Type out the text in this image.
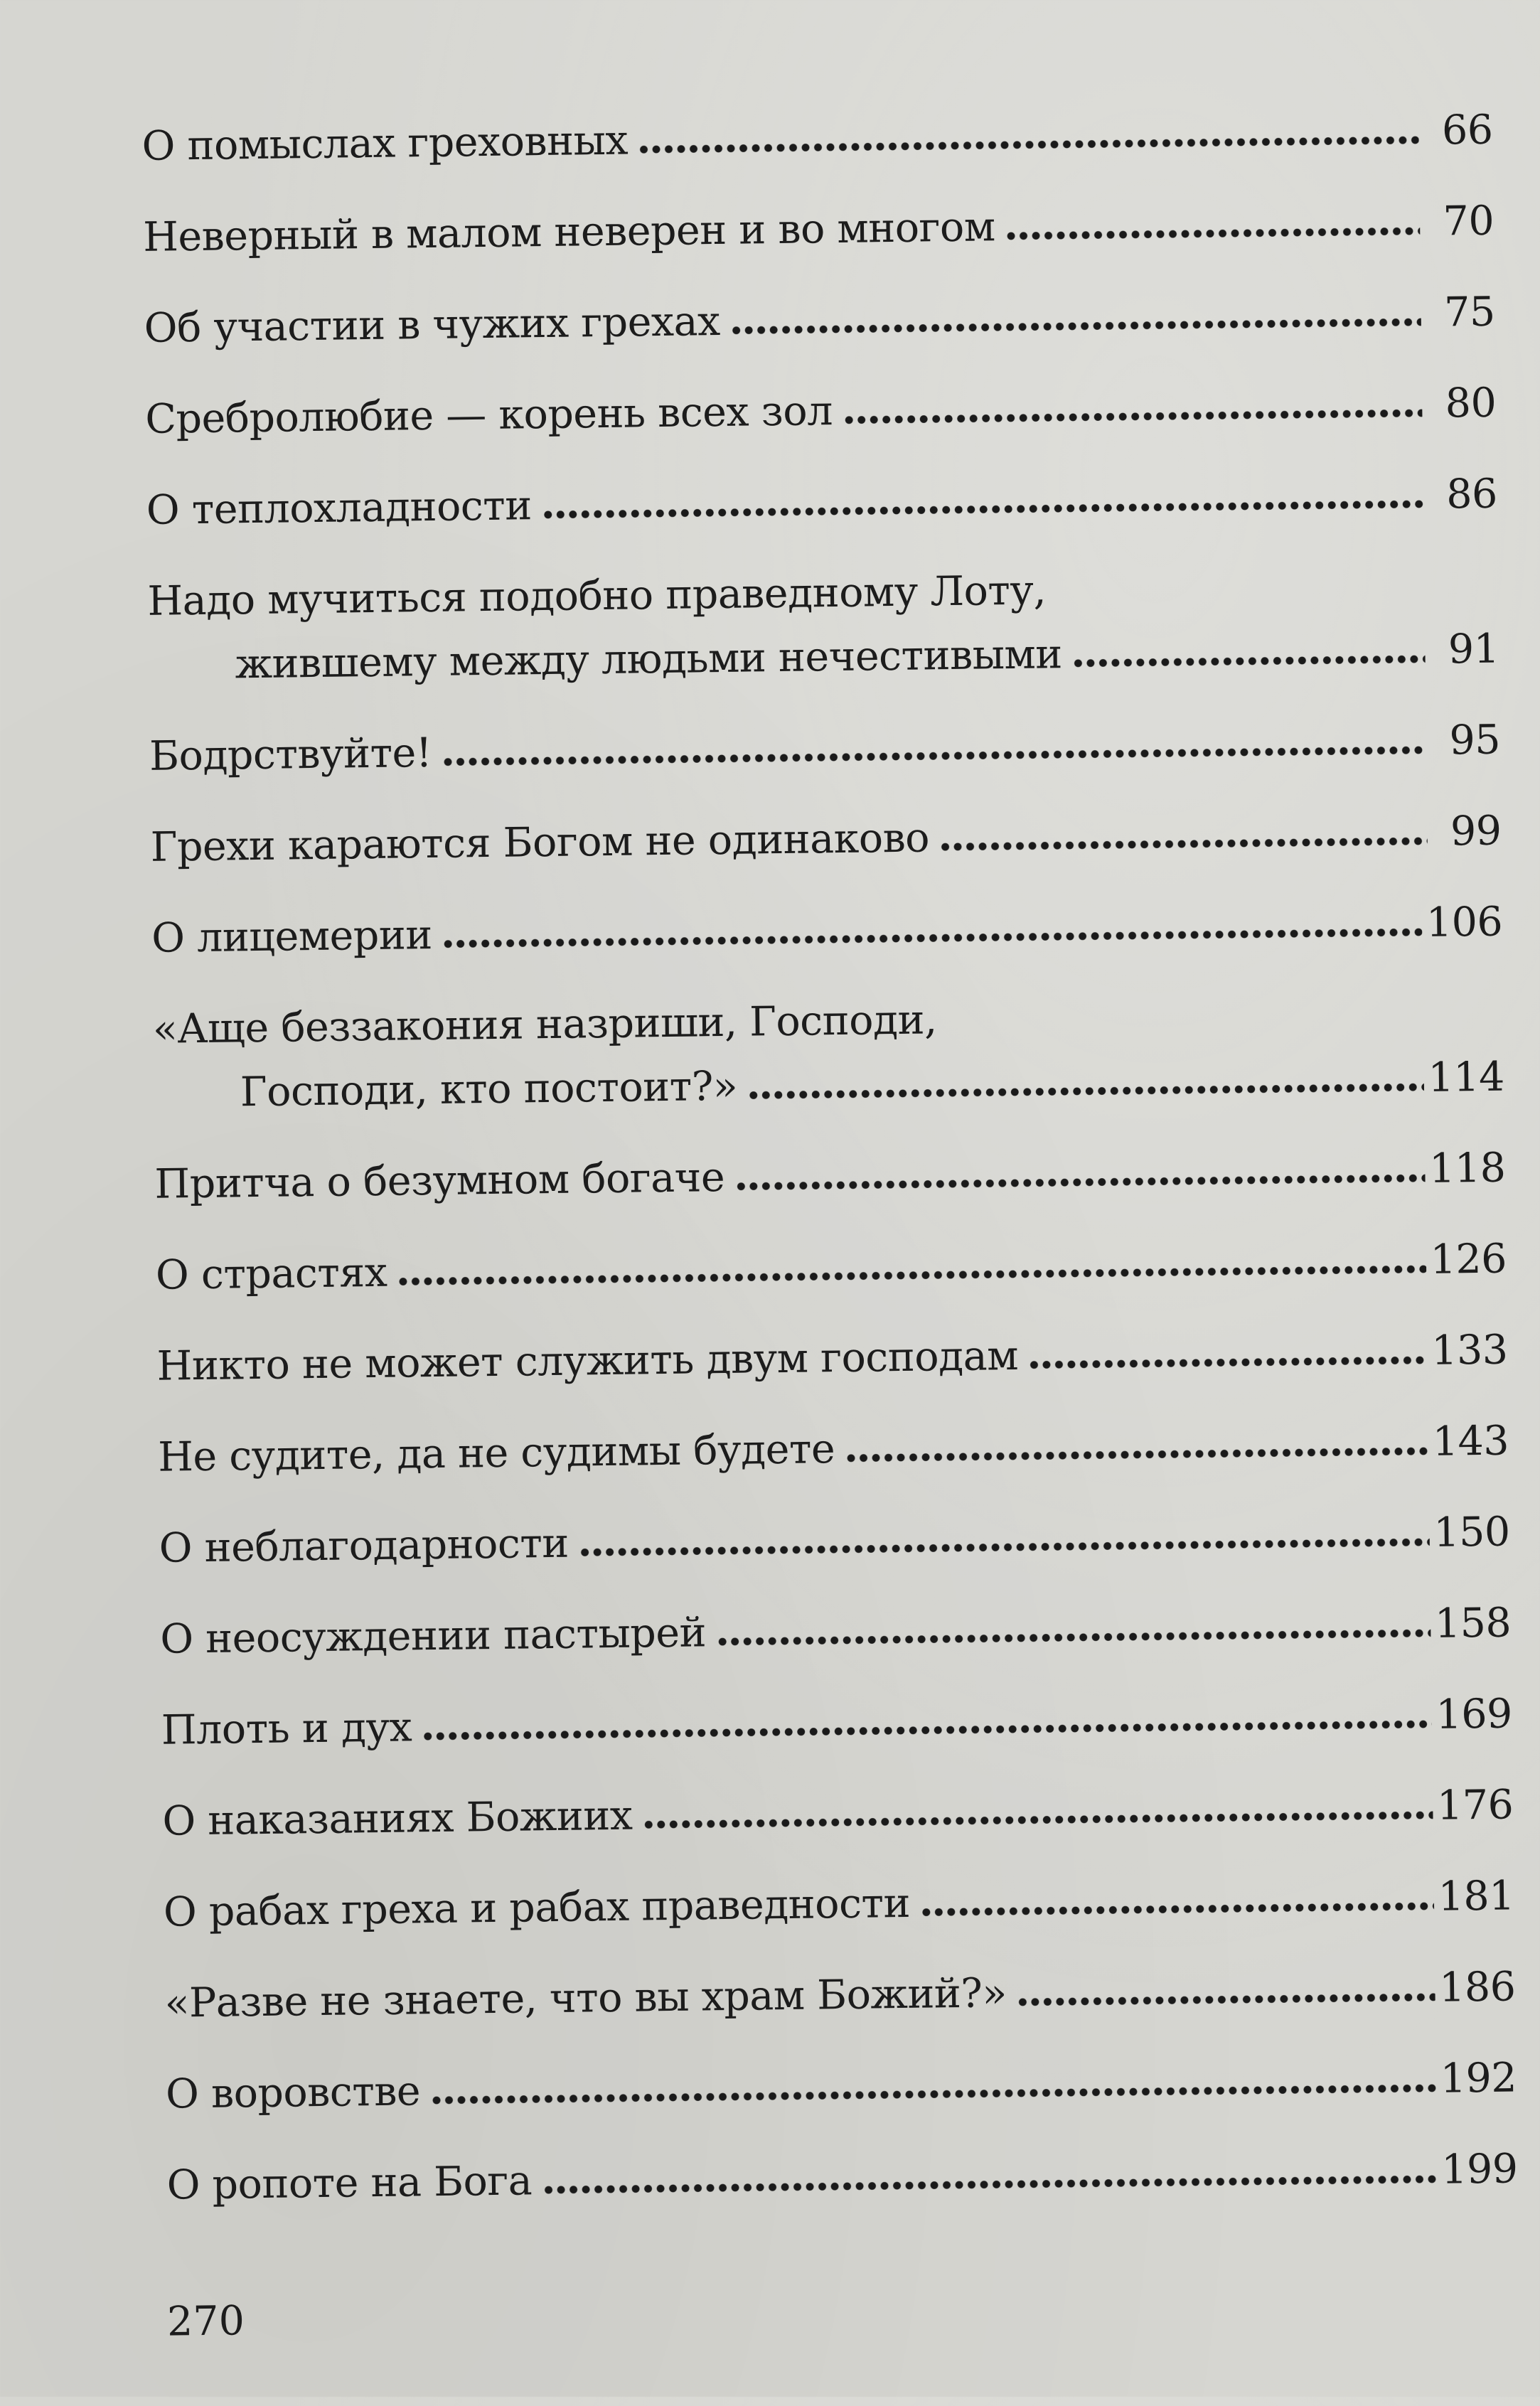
О помыслах греховных	66
Неверный в малом неверен и во многом	70
Об участии в чужих грехах	75
Сребролюбие — корень всех зол	80
О теплохладности	86
Надо мучиться подобно праведному Лоту,
жившему между людьми нечестивыми	91
Бодрствуйте!	95
Грехи караются Богом не одинаково	99
О лицемерии	106
«Аще беззакония назриши, Господи,
Господи, кто постоит?»	114
Притча о безумном богаче	118
О страстях	126
Никто не может служить двум господам	133
Не судите, да не судимы будете	143
О неблагодарности	150
О неосуждении пастырей	158
Плоть и дух	169
О наказаниях Божиих	176
О рабах греха и рабах праведности	181
«Разве не знаете, что вы храм Божий?»	186
О воровстве	192
О ропоте на Бога	199
270
